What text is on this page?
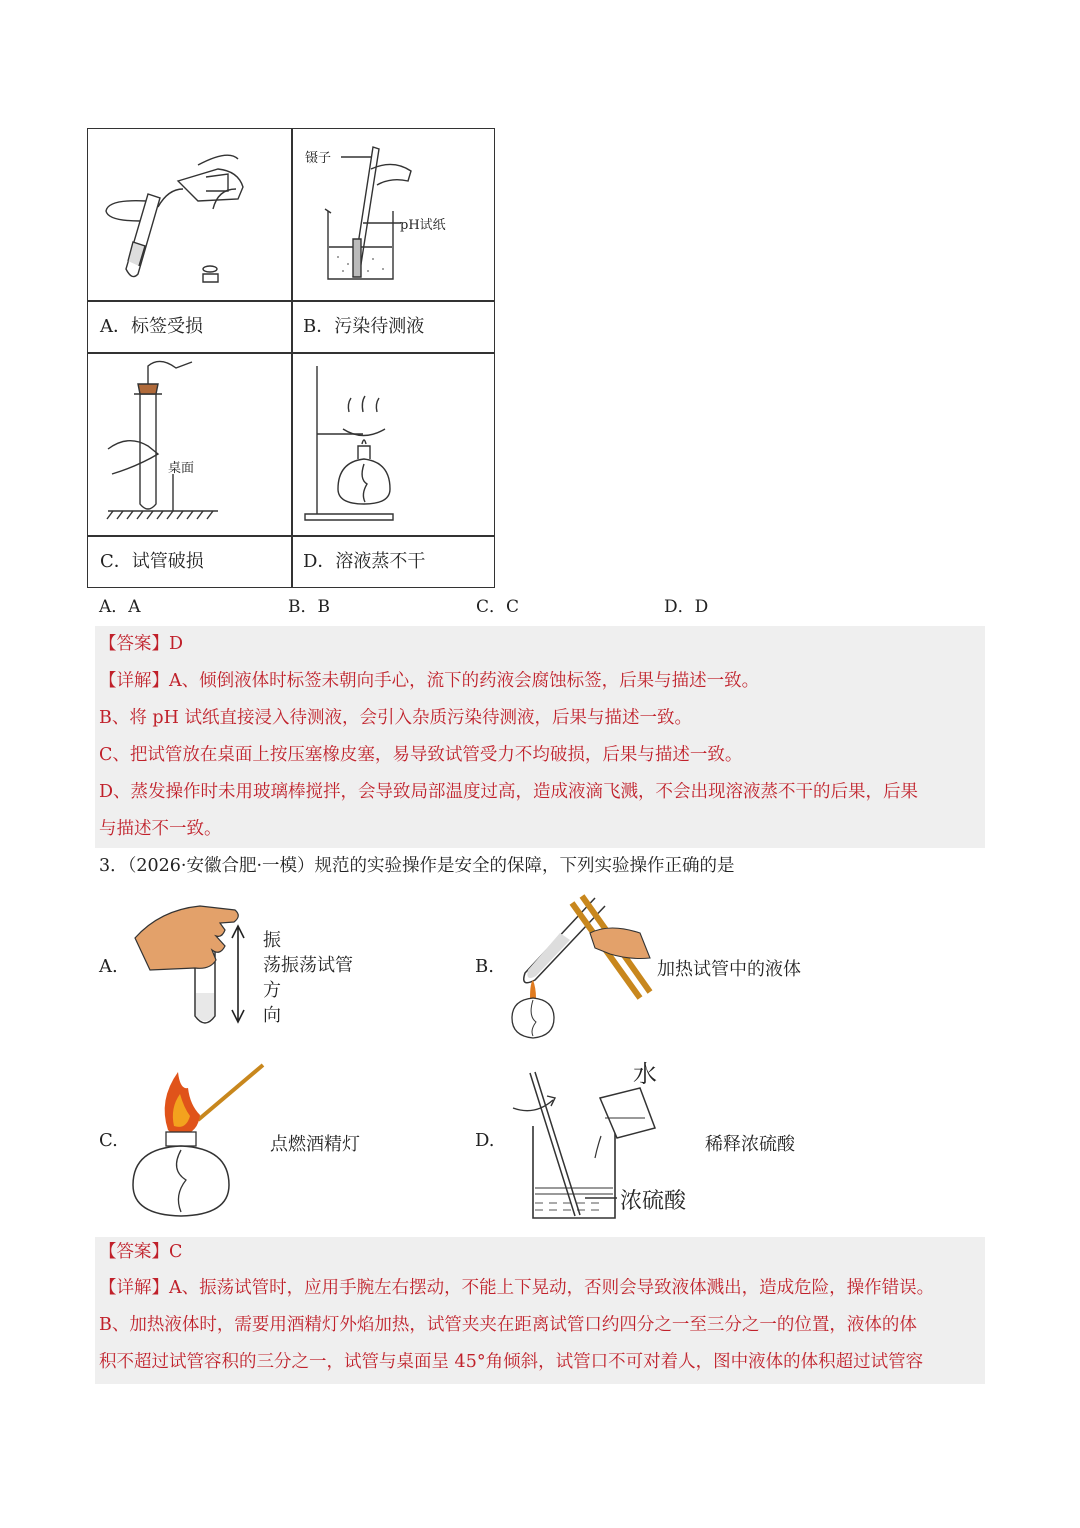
镊子
pH试纸
A．标签受损	B．污染待测液
桌面
C．试管破损	D．溶液蒸不干
A．A	B．B	C．C	D．D
【答案】D
【详解】A、倾倒液体时标签未朝向手心，流下的药液会腐蚀标签，后果与描述一致。
B、将 pH 试纸直接浸入待测液，会引入杂质污染待测液，后果与描述一致。
C、把试管放在桌面上按压塞橡皮塞，易导致试管受力不均破损，后果与描述一致。
D、蒸发操作时未用玻璃棒搅拌，会导致局部温度过高，造成液滴飞溅，不会出现溶液蒸不干的后果，后果
与描述不一致。
3．（2026·安徽合肥·一模）规范的实验操作是安全的保障，下列实验操作正确的是
A.
振
荡振荡试管
方
向
B.	加热试管中的液体
C.	点燃酒精灯	D.
水
浓硫酸
稀释浓硫酸
【答案】C
【详解】A、振荡试管时，应用手腕左右摆动，不能上下晃动，否则会导致液体溅出，造成危险，操作错误。
B、加热液体时，需要用酒精灯外焰加热，试管夹夹在距离试管口约四分之一至三分之一的位置，液体的体
积不超过试管容积的三分之一，试管与桌面呈 45°角倾斜，试管口不可对着人，图中液体的体积超过试管容
